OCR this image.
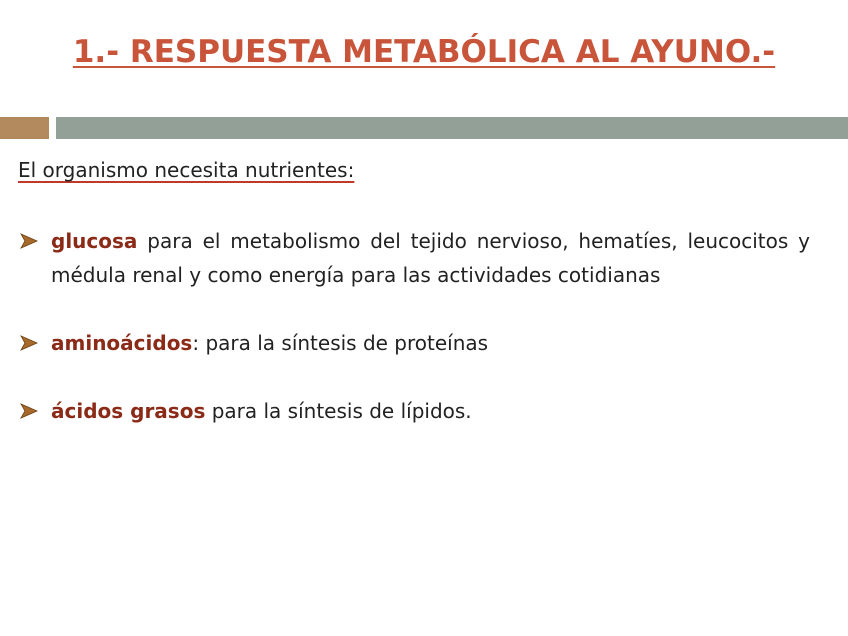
1.- RESPUESTA METABÓLICA AL AYUNO.-
El organismo necesita nutrientes:
glucosa para el metabolismo del tejido nervioso, hematíes, leucocitos y médula renal y como energía para las actividades cotidianas
aminoácidos: para la síntesis de proteínas
ácidos grasos para la síntesis de lípidos.
